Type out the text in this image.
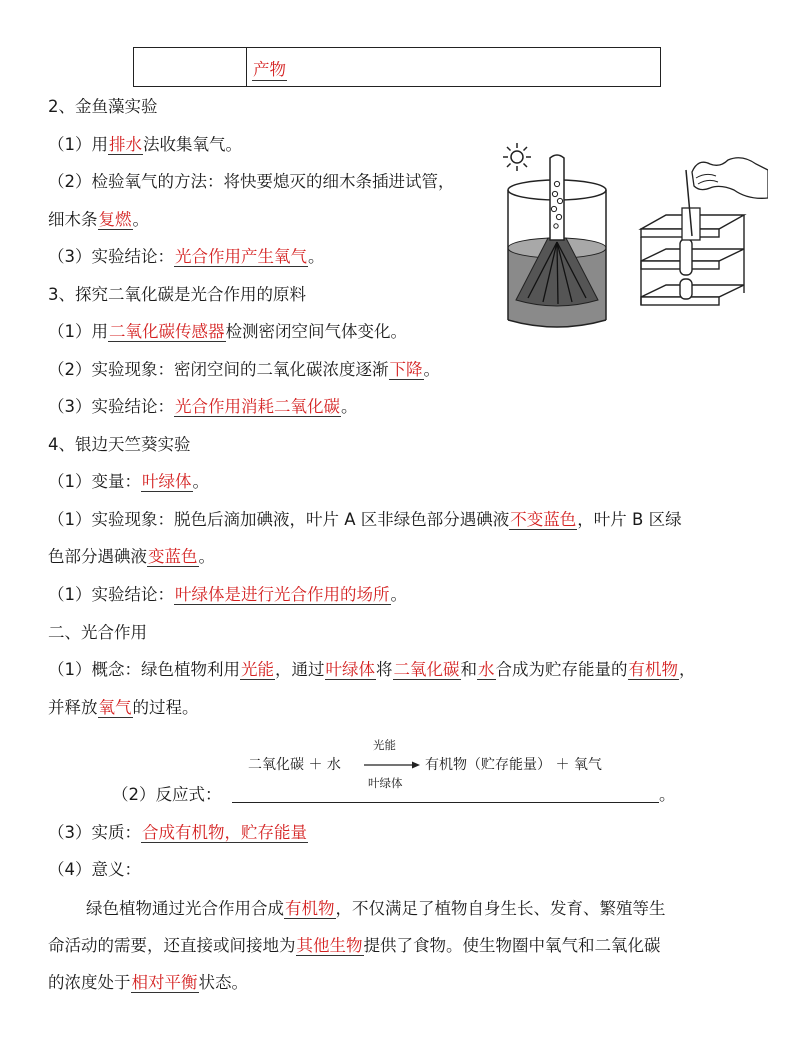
产物
2、金鱼藻实验
（1）用排水法收集氧气。
（2）检验氧气的方法：将快要熄灭的细木条插进试管，
细木条复燃。
（3）实验结论：光合作用产生氧气。
3、探究二氧化碳是光合作用的原料
（1）用二氧化碳传感器检测密闭空间气体变化。
（2）实验现象：密闭空间的二氧化碳浓度逐渐下降。
（3）实验结论：光合作用消耗二氧化碳。
4、银边天竺葵实验
（1）变量：叶绿体。
（1）实验现象：脱色后滴加碘液，叶片 A 区非绿色部分遇碘液不变蓝色，叶片 B 区绿
色部分遇碘液变蓝色。
（1）实验结论：叶绿体是进行光合作用的场所。
二、光合作用
（1）概念：绿色植物利用光能，通过叶绿体将二氧化碳和水合成为贮存能量的有机物，
并释放氧气的过程。
二氧化碳 ＋ 水
光能
叶绿体
→ 有机物（贮存能量） ＋ 氧气
（2）反应式：	。
（3）实质：合成有机物，贮存能量
（4）意义：
绿色植物通过光合作用合成有机物，不仅满足了植物自身生长、发育、繁殖等生
命活动的需要，还直接或间接地为其他生物提供了食物。使生物圈中氧气和二氧化碳
的浓度处于相对平衡状态。
